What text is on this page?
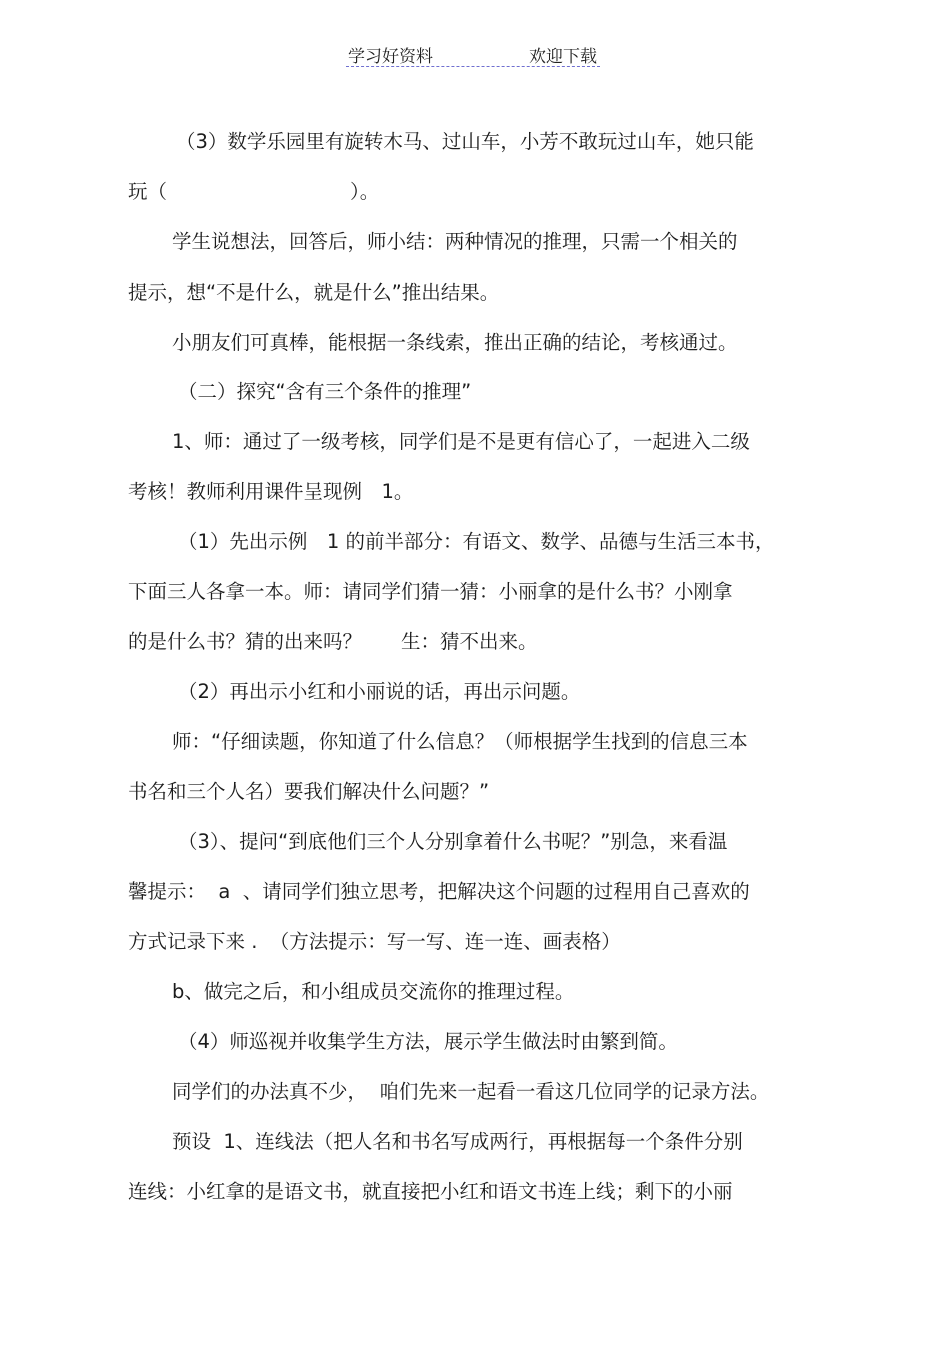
学习好资料	欢迎下载
（3）数学乐园里有旋转木马、过山车，小芳不敢玩过山车，她只能
玩（	）。
学生说想法，回答后，师小结：两种情况的推理，只需一个相关的
提示，想“不是什么，就是什么”推出结果。
小朋友们可真棒，能根据一条线索，推出正确的结论，考核通过。
（二）探究“含有三个条件的推理”
1、师：通过了一级考核，同学们是不是更有信心了，一起进入二级
考核！教师利用课件呈现例　1。
（1）先出示例　1 的前半部分：有语文、数学、品德与生活三本书，
下面三人各拿一本。师：请同学们猜一猜：小丽拿的是什么书？小刚拿
的是什么书？猜的出来吗？　　生：猜不出来。
（2）再出示小红和小丽说的话，再出示问题。
师：“仔细读题，你知道了什么信息？（师根据学生找到的信息三本
书名和三个人名）要我们解决什么问题？”
（3）、提问“到底他们三个人分别拿着什么书呢？”别急，来看温
馨提示：  a  、请同学们独立思考，把解决这个问题的过程用自己喜欢的
方式记录下来 .  （方法提示：写一写、连一连、画表格）
b、做完之后，和小组成员交流你的推理过程。
（4）师巡视并收集学生方法，展示学生做法时由繁到简。
同学们的办法真不少，  咱们先来一起看一看这几位同学的记录方法。
预设  1、连线法（把人名和书名写成两行，再根据每一个条件分别
连线：小红拿的是语文书，就直接把小红和语文书连上线；剩下的小丽
